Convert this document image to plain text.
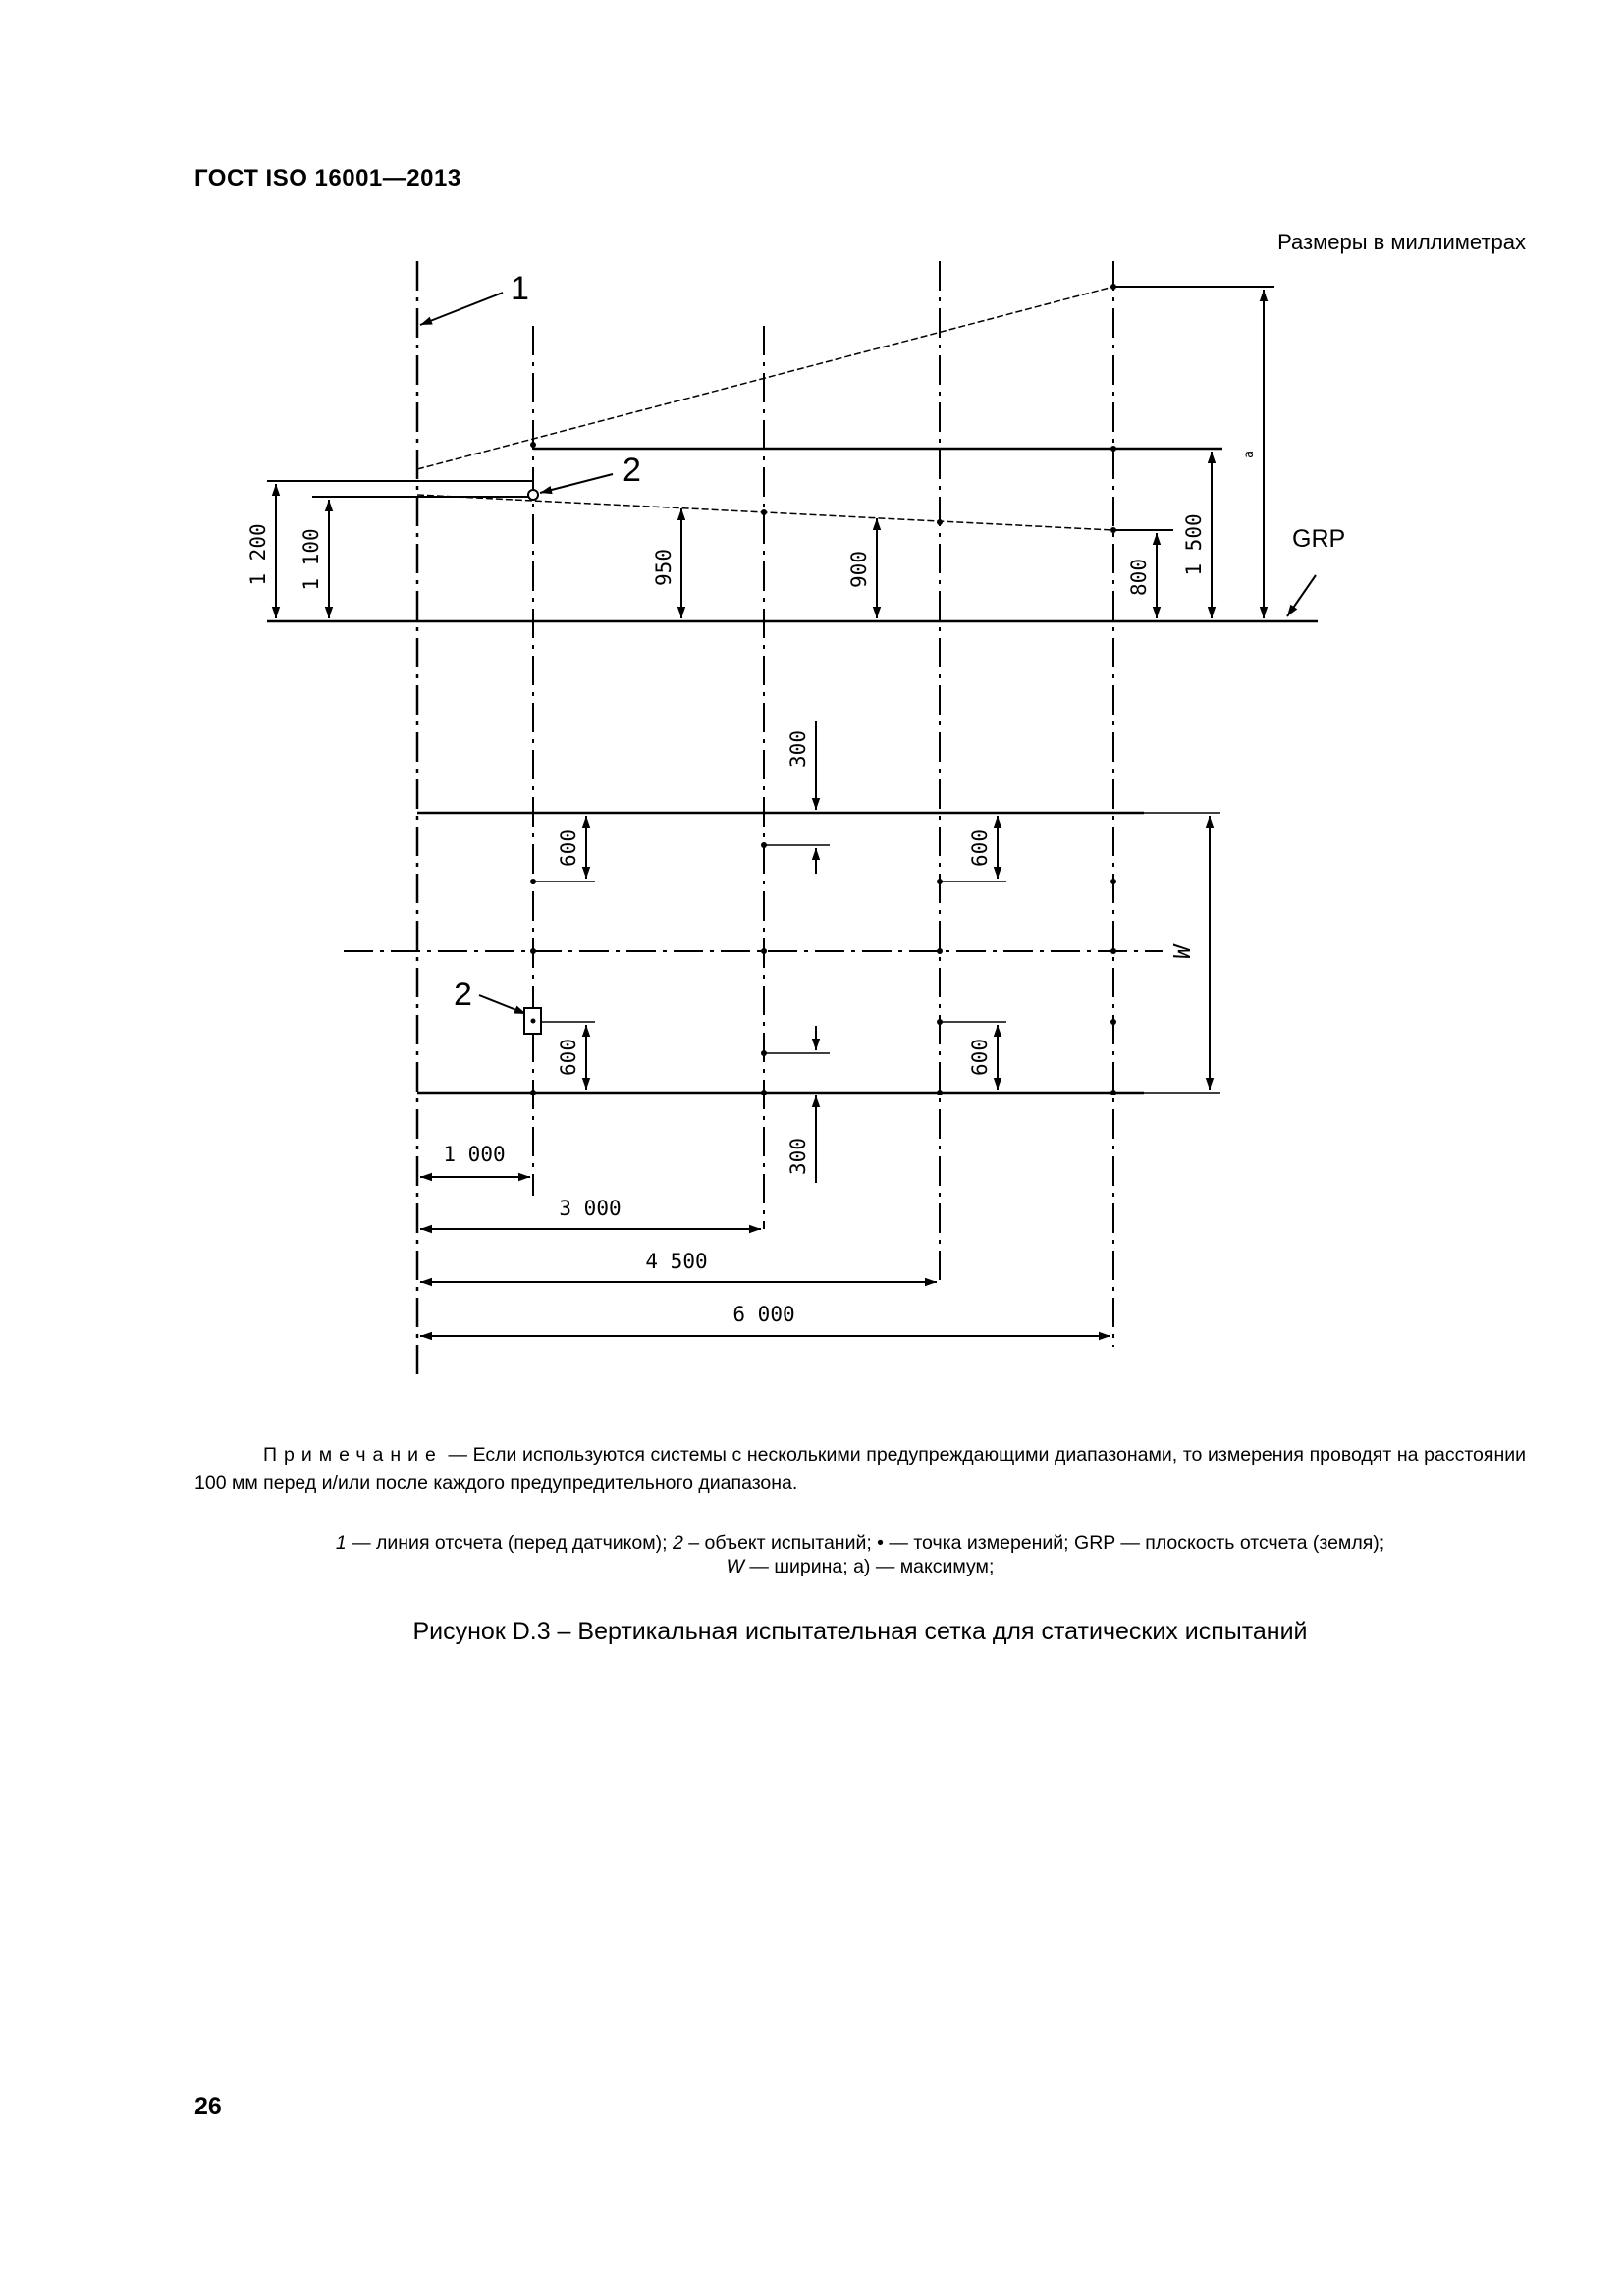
ГОСТ ISO 16001—2013
Размеры в миллиметрах
1
2
2
GRP
a
W
1 200 1 100	950	900	800
1 500
300
300
600	600
600	600
1 000
3 000
4 500
6 000
Примечание — Если используются системы с несколькими предупреждающими диапазонами, то измерения проводят на расстоянии 100 мм перед и/или после каждого предупредительного диапазона.
1 — линия отсчета (перед датчиком); 2 – объект испытаний; • — точка измерений; GRP — плоскость отсчета (земля);
W — ширина; a) — максимум;
Рисунок D.3 – Вертикальная испытательная сетка для статических испытаний
26
